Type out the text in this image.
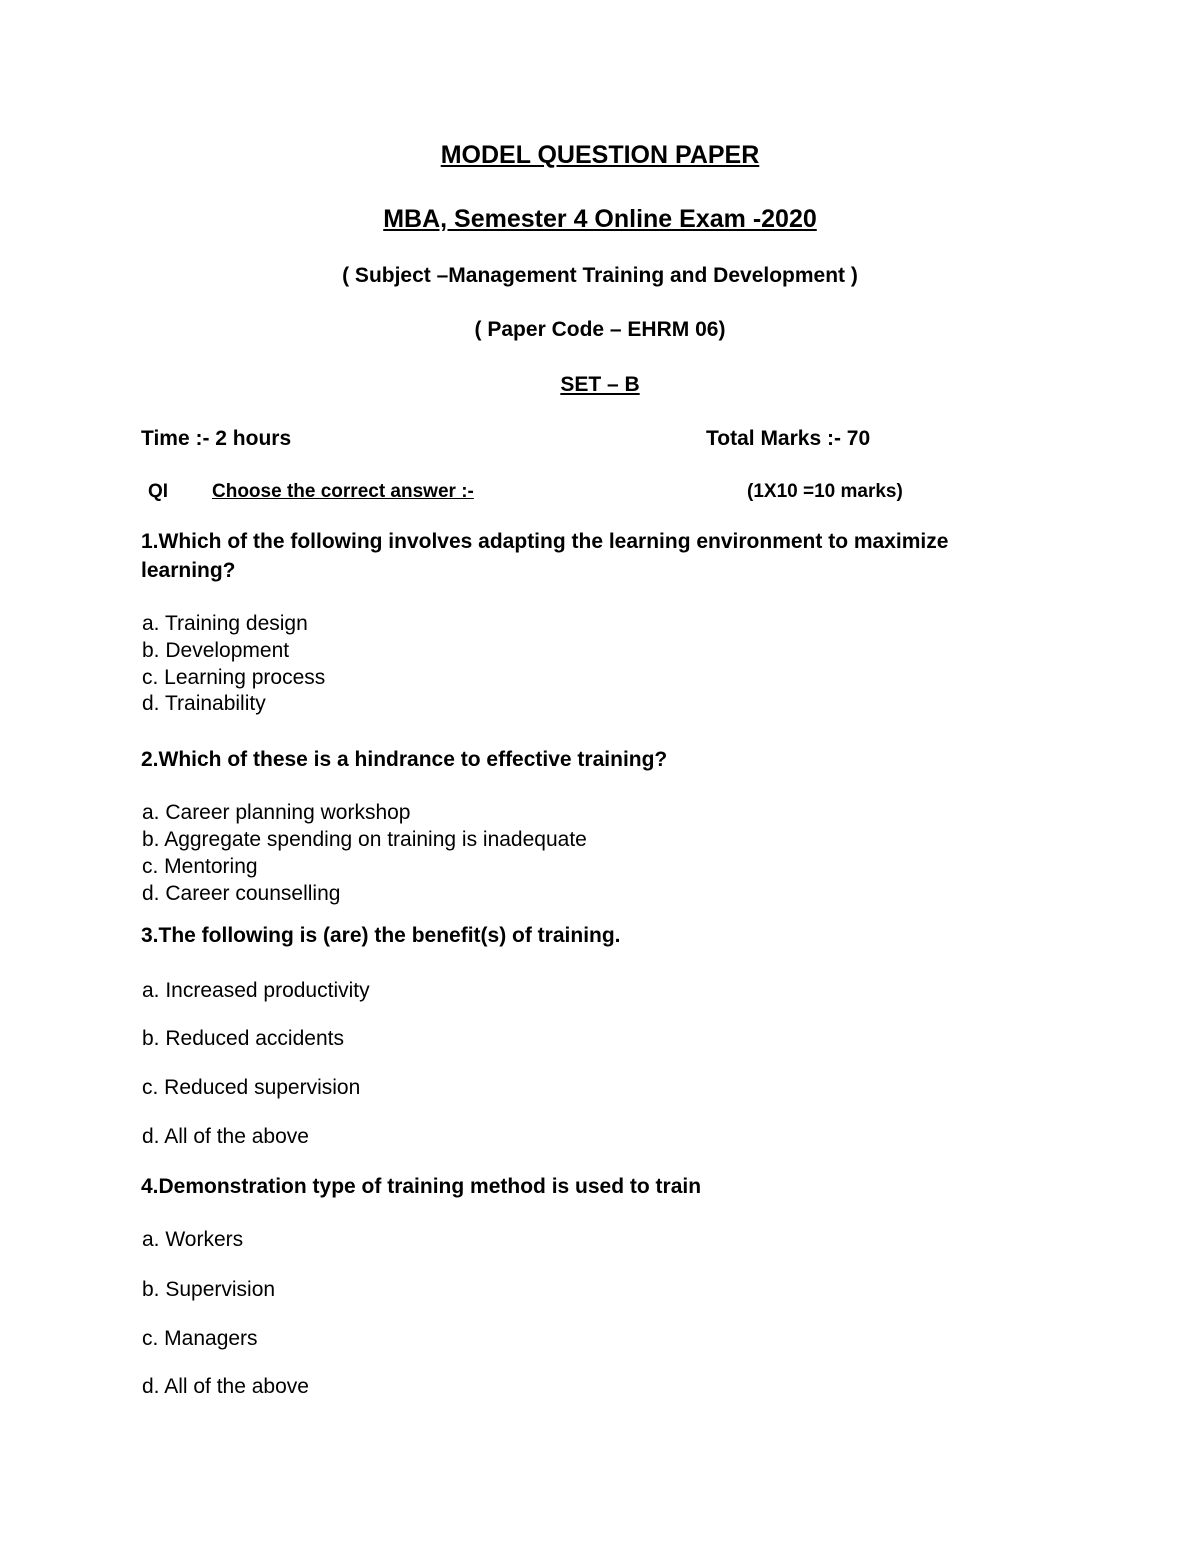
MODEL QUESTION PAPER
MBA, Semester 4 Online Exam -2020
( Subject –Management Training and Development )
( Paper Code – EHRM 06)
SET – B
Time :- 2 hours	Total Marks :- 70
QI Choose the correct answer :-	(1X10 =10 marks)
1.Which of the following involves adapting the learning environment to maximize
learning?
a. Training design
b. Development
c. Learning process
d. Trainability
2.Which of these is a hindrance to effective training?
a. Career planning workshop
b. Aggregate spending on training is inadequate
c. Mentoring
d. Career counselling
3.The following is (are) the benefit(s) of training.
a. Increased productivity
b. Reduced accidents
c. Reduced supervision
d. All of the above
4.Demonstration type of training method is used to train
a. Workers
b. Supervision
c. Managers
d. All of the above
